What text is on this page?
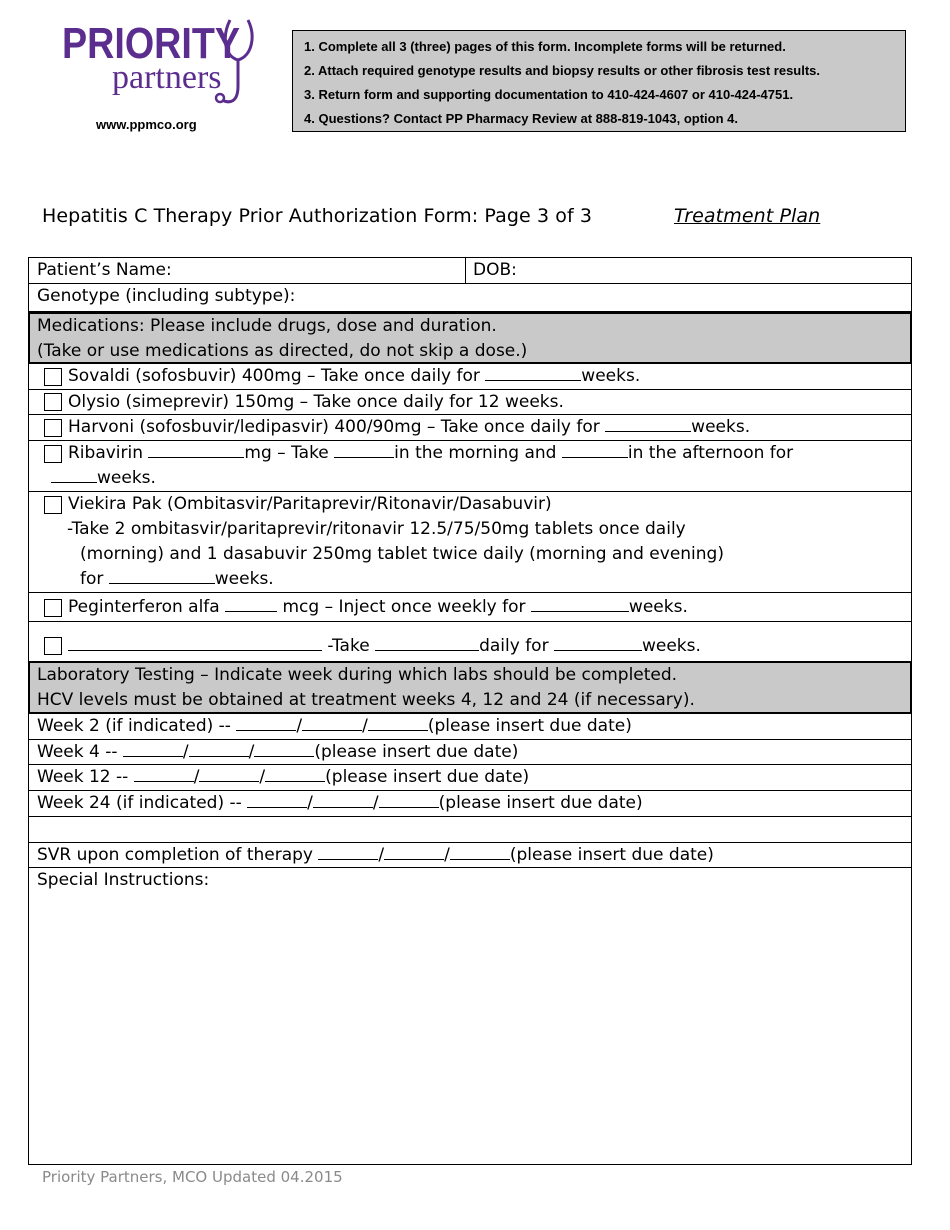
PRIORITY
partners
www.ppmco.org
1. Complete all 3 (three) pages of this form. Incomplete forms will be returned.
2. Attach required genotype results and biopsy results or other fibrosis test results.
3. Return form and supporting documentation to 410-424-4607 or 410-424-4751.
4. Questions? Contact PP Pharmacy Review at 888-819-1043, option 4.
Hepatitis C Therapy Prior Authorization Form: Page 3 of 3	Treatment Plan
Patient’s Name:	DOB:
Genotype (including subtype):
Medications: Please include drugs, dose and duration.
(Take or use medications as directed, do not skip a dose.)
Sovaldi (sofosbuvir) 400mg – Take once daily for	weeks.
Olysio (simeprevir) 150mg – Take once daily for 12 weeks.
Harvoni (sofosbuvir/ledipasvir) 400/90mg – Take once daily for	weeks.
Ribavirin	mg – Take	in the morning and	in the afternoon for
weeks.
Viekira Pak (Ombitasvir/Paritaprevir/Ritonavir/Dasabuvir)
-Take 2 ombitasvir/paritaprevir/ritonavir 12.5/75/50mg tablets once daily
(morning) and 1 dasabuvir 250mg tablet twice daily (morning and evening)
for	weeks.
Peginterferon alfa	mcg – Inject once weekly for	weeks.
-Take	daily for	weeks.
Laboratory Testing – Indicate week during which labs should be completed.
HCV levels must be obtained at treatment weeks 4, 12 and 24 (if necessary).
Week 2 (if indicated) --	/	/	(please insert due date)
Week 4 --	/	/	(please insert due date)
Week 12 --	/	/	(please insert due date)
Week 24 (if indicated) --	/	/	(please insert due date)
SVR upon completion of therapy	/	/	(please insert due date)
Special Instructions:
Priority Partners, MCO Updated 04.2015
